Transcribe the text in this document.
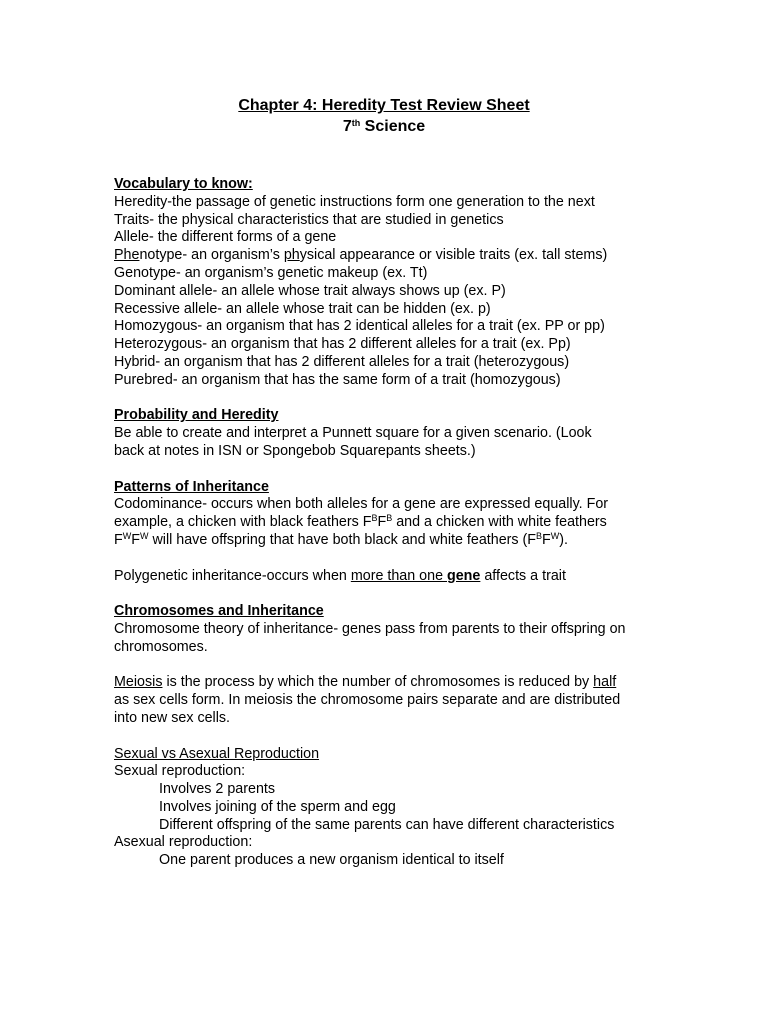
Chapter 4: Heredity Test Review Sheet
7th Science

Vocabulary to know:

Heredity-the passage of genetic instructions form one generation to the next

Traits- the physical characteristics that are studied in genetics

Allele- the different forms of a gene

Phenotype- an organism’s physical appearance or visible traits (ex. tall stems)

Genotype- an organism’s genetic makeup (ex. Tt)

Dominant allele- an allele whose trait always shows up (ex. P)

Recessive allele- an allele whose trait can be hidden (ex. p)

Homozygous- an organism that has 2 identical alleles for a trait (ex. PP or pp)

Heterozygous- an organism that has 2 different alleles for a trait (ex. Pp)

Hybrid- an organism that has 2 different alleles for a trait (heterozygous)

Purebred- an organism that has the same form of a trait (homozygous)

Probability and Heredity

Be able to create and interpret a Punnett square for a given scenario. (Look

back at notes in ISN or Spongebob Squarepants sheets.)

Patterns of Inheritance

Codominance- occurs when both alleles for a gene are expressed equally. For

example, a chicken with black feathers $F^BF^B$ and a chicken with white feathers

$F^WF^W$ will have offspring that have both black and white feathers $(F^BF^W)$.

Polygenetic inheritance-occurs when more than one gene affects a trait

Chromosomes and Inheritance

Chromosome theory of inheritance- genes pass from parents to their offspring on

chromosomes.

Meiosis is the process by which the number of chromosomes is reduced by half

as sex cells form. In meiosis the chromosome pairs separate and are distributed

into new sex cells.

Sexual vs Asexual Reproduction

Sexual reproduction:

Involves 2 parents

Involves joining of the sperm and egg

Different offspring of the same parents can have different characteristics

Asexual reproduction:

One parent produces a new organism identical to itself
